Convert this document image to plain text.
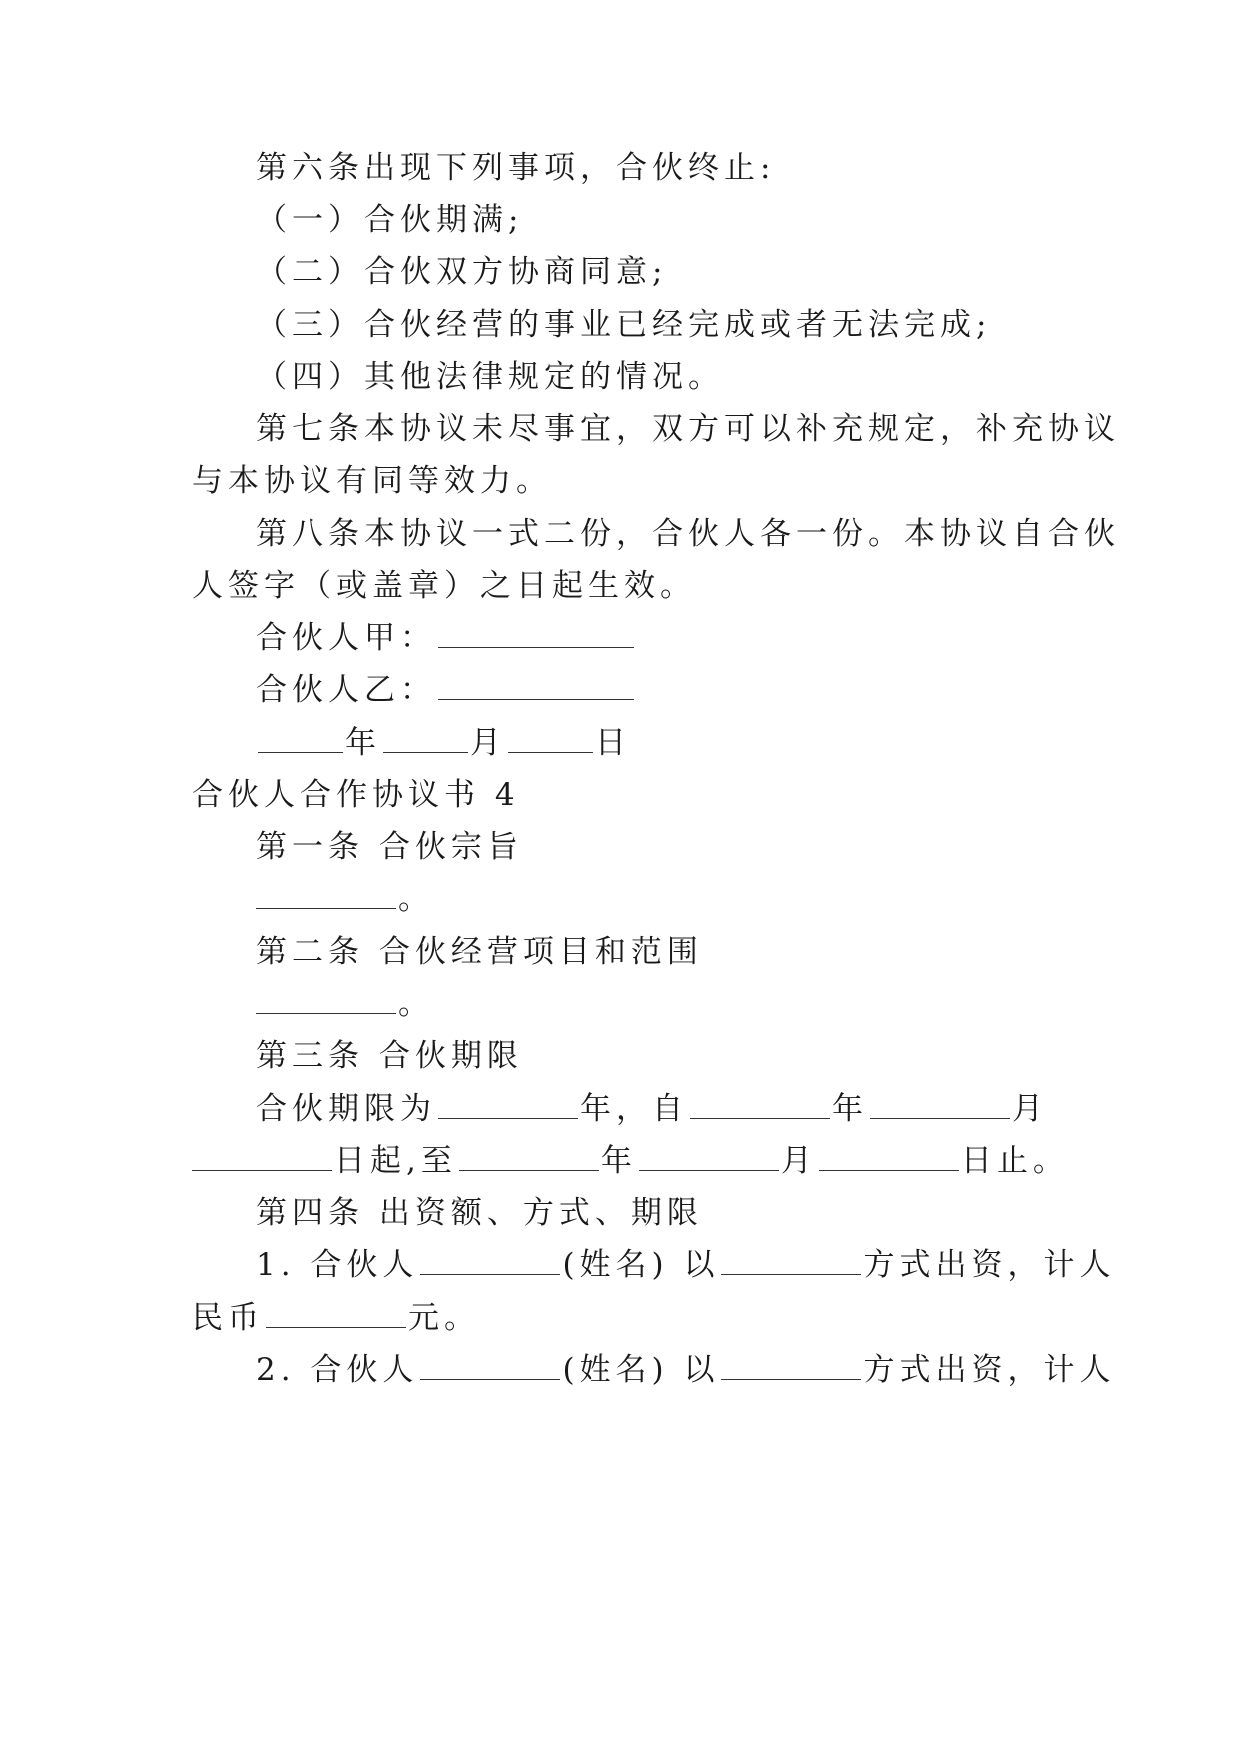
第六条出现下列事项，合伙终止:
（一）合伙期满;
（二）合伙双方协商同意;
（三）合伙经营的事业已经完成或者无法完成;
（四）其他法律规定的情况。
第七条本协议未尽事宜，双方可以补充规定，补充协议
与本协议有同等效力。
第八条本协议一式二份，合伙人各一份。本协议自合伙
人签字（或盖章）之日起生效。
合伙人甲：
合伙人乙：
年	月	日
合伙人合作协议书 4
第一条 合伙宗旨
。
第二条 合伙经营项目和范围
。
第三条 合伙期限
合伙期限为	年，自	年	月
日起,至	年	月	日止。
第四条 出资额、方式、期限
1. 合伙人	(姓名) 以	方式出资，计人
民币	元。
2. 合伙人	(姓名) 以	方式出资，计人
